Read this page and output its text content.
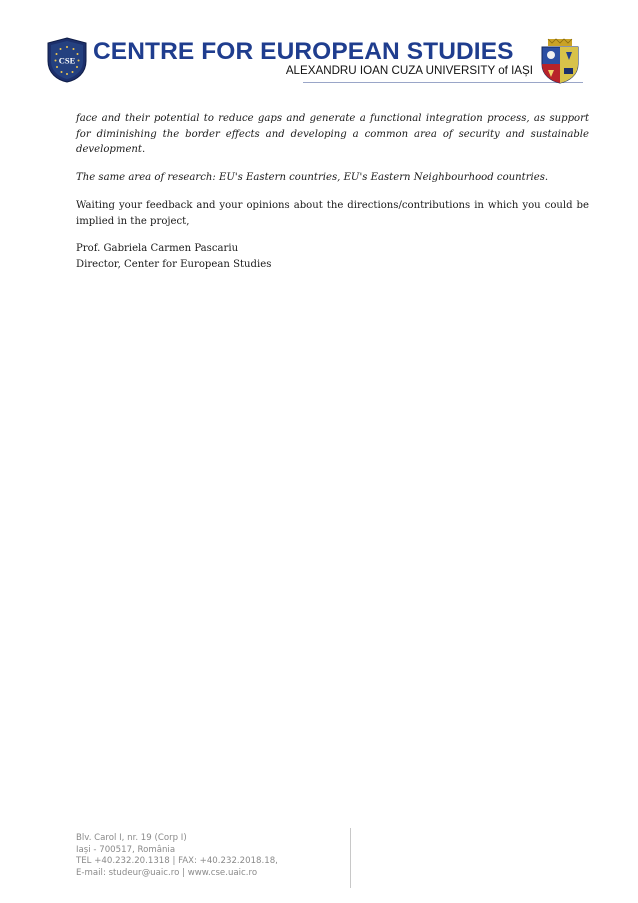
CSE CENTRE FOR EUROPEAN STUDIES
ALEXANDRU IOAN CUZA UNIVERSITY of IAȘI

face and their potential to reduce gaps and generate a functional integration process, as support for diminishing the border effects and developing a common area of security and sustainable development.

The same area of research: EU's Eastern countries, EU's Eastern Neighbourhood countries.

Waiting your feedback and your opinions about the directions/contributions in which you could be implied in the project,

Prof. Gabriela Carmen Pascariu

Director, Center for European Studies

Blv. Carol I, nr. 19 (Corp I)
Iași - 700517, România
TEL +40.232.20.1318 | FAX: +40.232.2018.18,
E-mail: studeur@uaic.ro | www.cse.uaic.ro
